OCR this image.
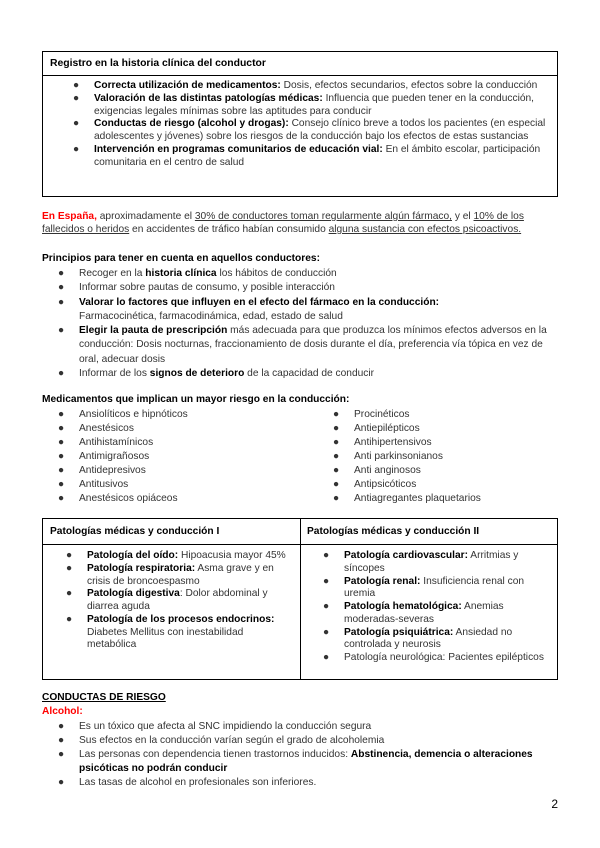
Registro en la historia clínica del conductor
● Correcta utilización de medicamentos: Dosis, efectos secundarios, efectos sobre la conducción
● Valoración de las distintas patologías médicas: Influencia que pueden tener en la conducción, exigencias legales mínimas sobre las aptitudes para conducir
● Conductas de riesgo (alcohol y drogas): Consejo clínico breve a todos los pacientes (en especial adolescentes y jóvenes) sobre los riesgos de la conducción bajo los efectos de estas sustancias
● Intervención en programas comunitarios de educación vial: En el ámbito escolar, participación comunitaria en el centro de salud
En España, aproximadamente el 30% de conductores toman regularmente algún fármaco, y el 10% de los fallecidos o heridos en accidentes de tráfico habían consumido alguna sustancia con efectos psicoactivos.
Principios para tener en cuenta en aquellos conductores:
● Recoger en la historia clínica los hábitos de conducción
● Informar sobre pautas de consumo, y posible interacción
● Valorar lo factores que influyen en el efecto del fármaco en la conducción:
Farmacocinética, farmacodinámica, edad, estado de salud
● Elegir la pauta de prescripción más adecuada para que produzca los mínimos efectos adversos en la conducción: Dosis nocturnas, fraccionamiento de dosis durante el día, preferencia vía tópica en vez de oral, adecuar dosis
● Informar de los signos de deterioro de la capacidad de conducir
Medicamentos que implican un mayor riesgo en la conducción:
● Ansiolíticos e hipnóticos
● Anestésicos
● Antihistamínicos
● Antimigrañosos
● Antidepresivos
● Antitusivos
● Anestésicos opiáceos
● Procinéticos
● Antiepilépticos
● Antihipertensivos
● Anti parkinsonianos
● Anti anginosos
● Antipsicóticos
● Antiagregantes plaquetarios
Patologías médicas y conducción I	Patologías médicas y conducción II
● Patología del oído: Hipoacusia mayor 45%
● Patología respiratoria: Asma grave y en crisis de broncoespasmo
● Patología digestiva: Dolor abdominal y diarrea aguda
● Patología de los procesos endocrinos: Diabetes Mellitus con inestabilidad metabólica
● Patología cardiovascular: Arritmias y síncopes
● Patología renal: Insuficiencia renal con uremia
● Patología hematológica: Anemias moderadas-severas
● Patología psiquiátrica: Ansiedad no controlada y neurosis
● Patología neurológica: Pacientes epilépticos
CONDUCTAS DE RIESGO
Alcohol:
● Es un tóxico que afecta al SNC impidiendo la conducción segura
● Sus efectos en la conducción varían según el grado de alcoholemia
● Las personas con dependencia tienen trastornos inducidos: Abstinencia, demencia o alteraciones psicóticas no podrán conducir
● Las tasas de alcohol en profesionales son inferiores.
2
